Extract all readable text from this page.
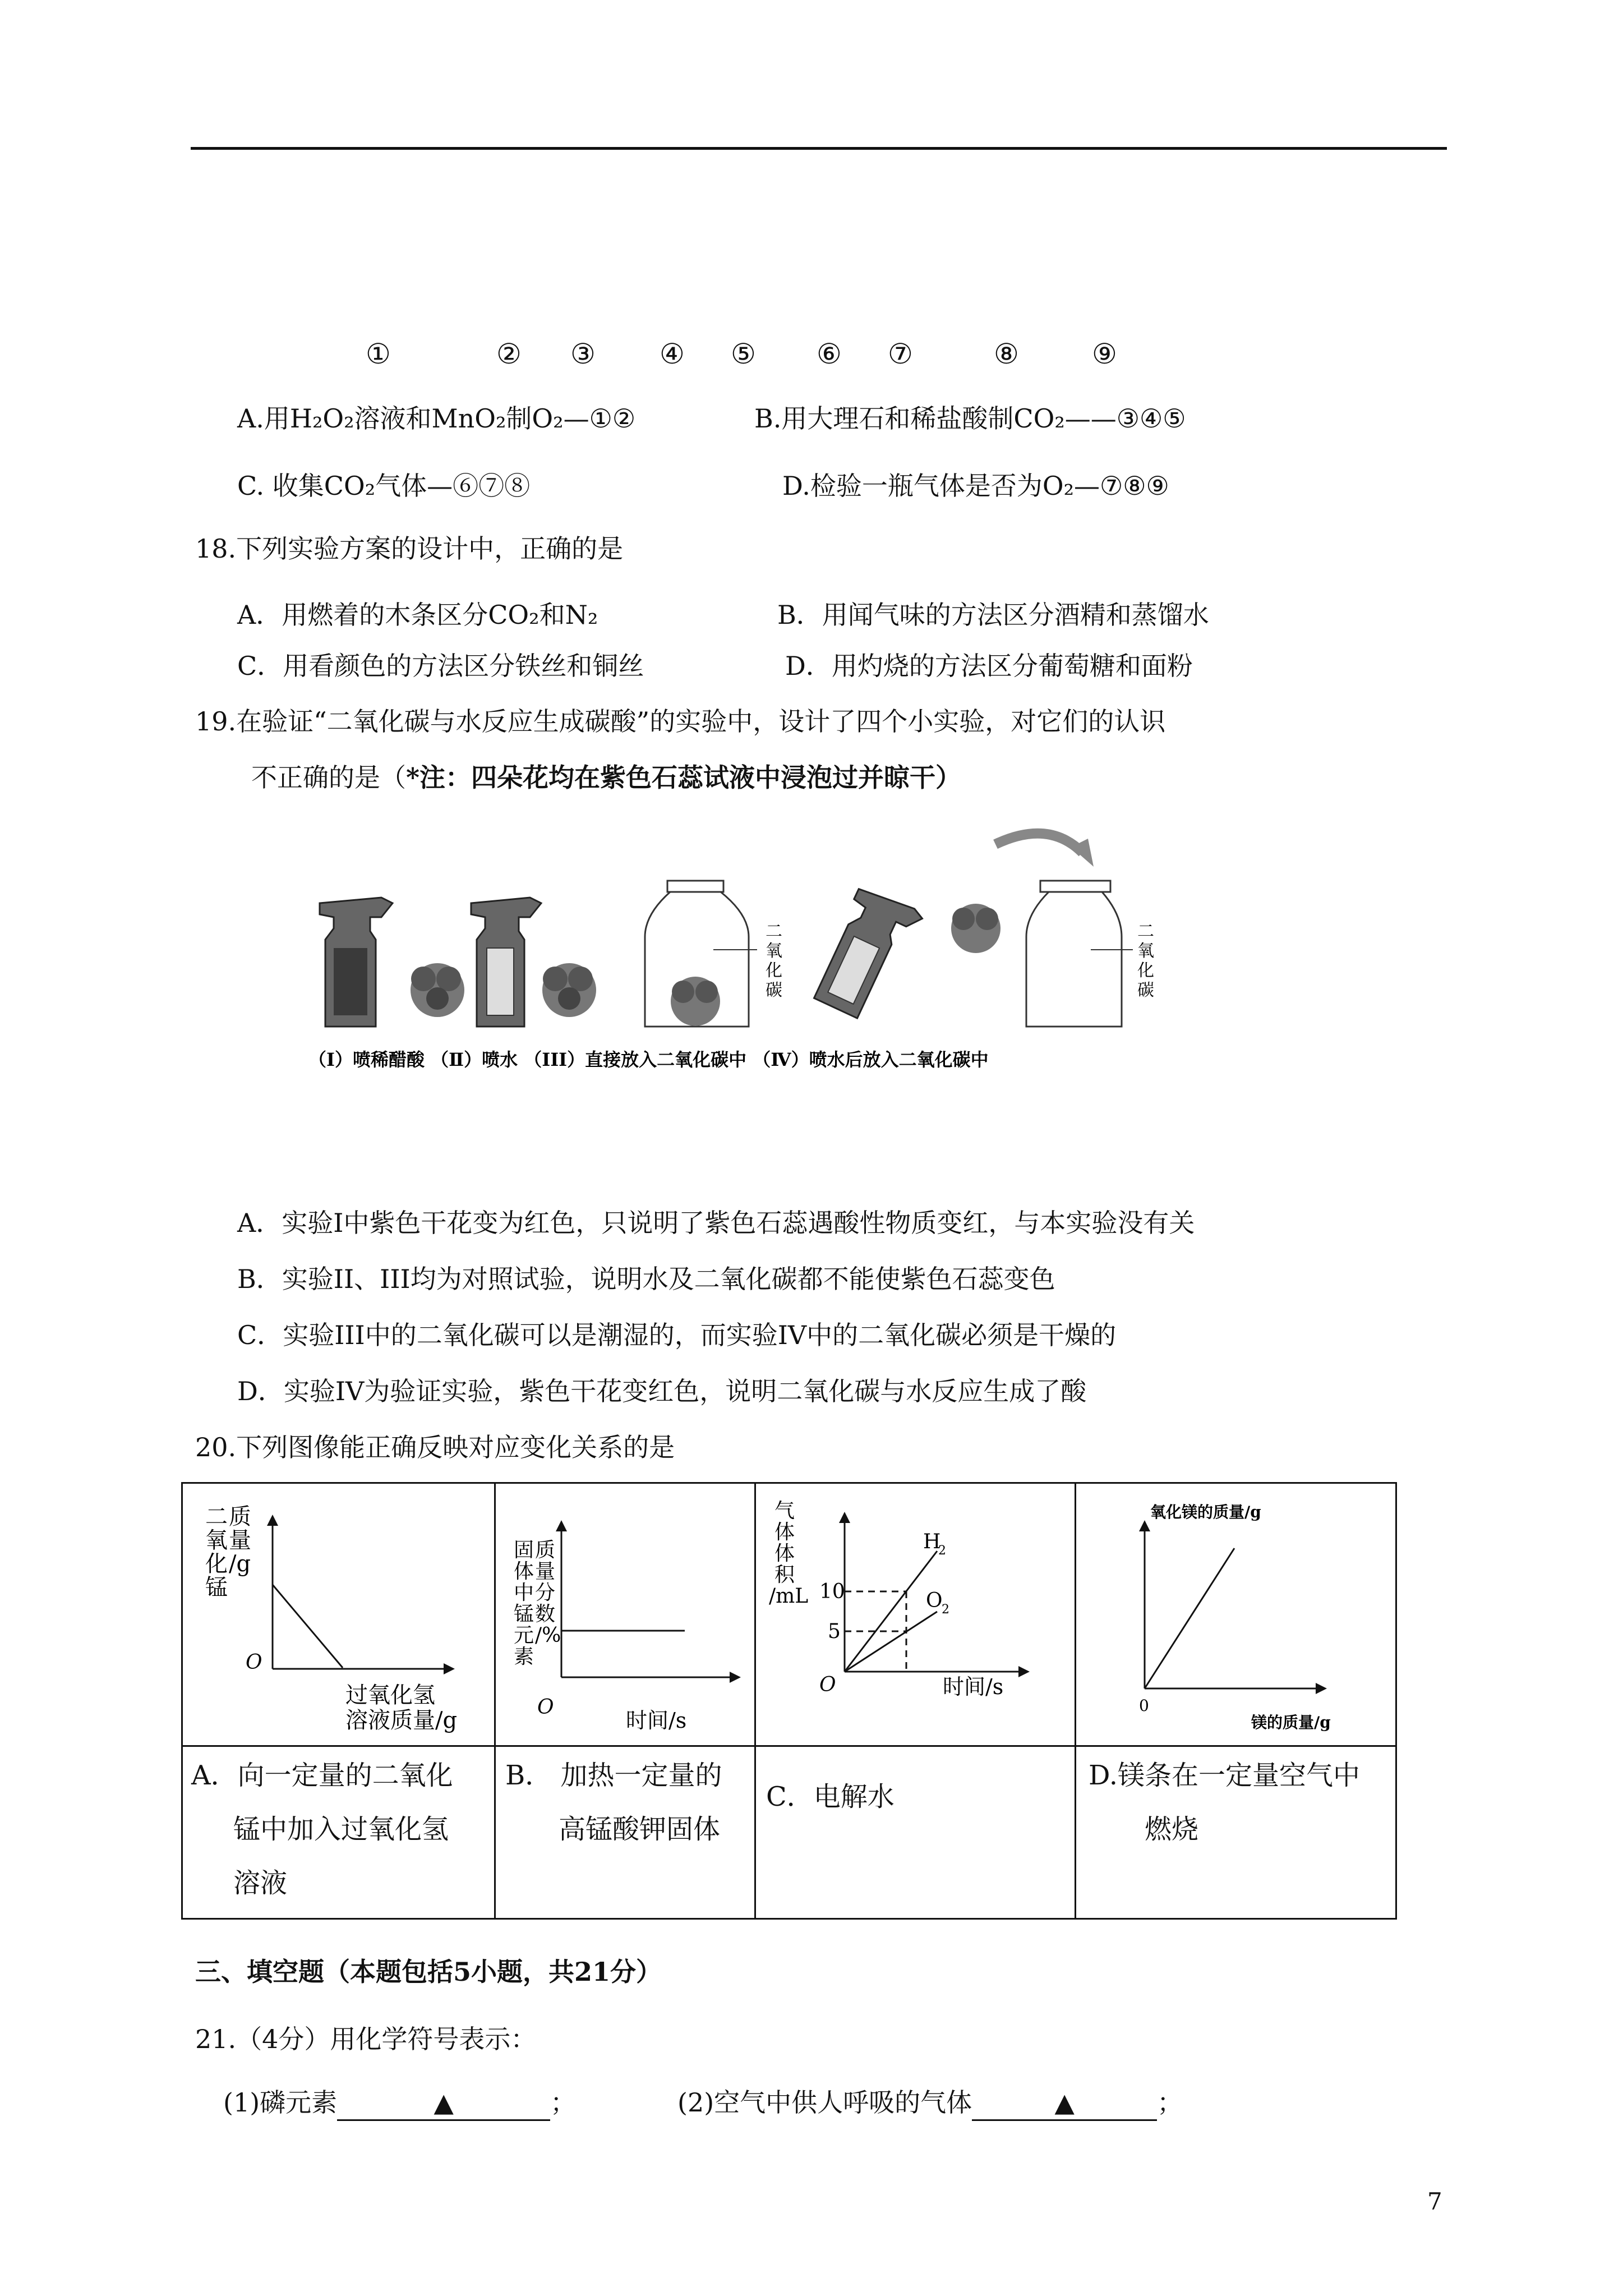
①	② ③ ④ ⑤ ⑥ ⑦	⑧	⑨
A.用H₂O₂溶液和MnO₂制O₂—①②	B.用大理石和稀盐酸制CO₂——③④⑤
C. 收集CO₂气体—⑥⑦⑧	D.检验一瓶气体是否为O₂—⑦⑧⑨
18.下列实验方案的设计中，正确的是
A．用燃着的木条区分CO₂和N₂	B．用闻气味的方法区分酒精和蒸馏水
C．用看颜色的方法区分铁丝和铜丝	D．用灼烧的方法区分葡萄糖和面粉
19.在验证“二氧化碳与水反应生成碳酸”的实验中，设计了四个小实验，对它们的认识
不正确的是（*注：四朵花均在紫色石蕊试液中浸泡过并晾干）
二
氧
化
碳
二
氧
化
碳
（Ⅰ）喷稀醋酸 （Ⅱ）喷水 （III）直接放入二氧化碳中 （Ⅳ）喷水后放入二氧化碳中
A．实验Ⅰ中紫色干花变为红色，只说明了紫色石蕊遇酸性物质变红，与本实验没有关
B．实验II、III均为对照试验，说明水及二氧化碳都不能使紫色石蕊变色
C．实验III中的二氧化碳可以是潮湿的，而实验IV中的二氧化碳必须是干燥的
D．实验IV为验证实验，紫色干花变红色，说明二氧化碳与水反应生成了酸
20.下列图像能正确反映对应变化关系的是
二
氧
化
锰
质
量
/g
O
过氧化氢
溶液质量/g
固
体
中
锰
元
素
质
量
分
数
/%
O
时间/s
气
体
体
积
/mL 10
5
H
2
O
2
O	时间/s
氧化镁的质量/g
0
镁的质量/g
A．向一定量的二氧化
锰中加入过氧化氢
溶液
B． 加热一定量的
高锰酸钾固体
C．电解水
D.镁条在一定量空气中
燃烧
三、填空题（本题包括5小题，共21分）
21.（4分）用化学符号表示：
(1)磷元素	▲	；	(2)空气中供人呼吸的气体	▲	；
7
